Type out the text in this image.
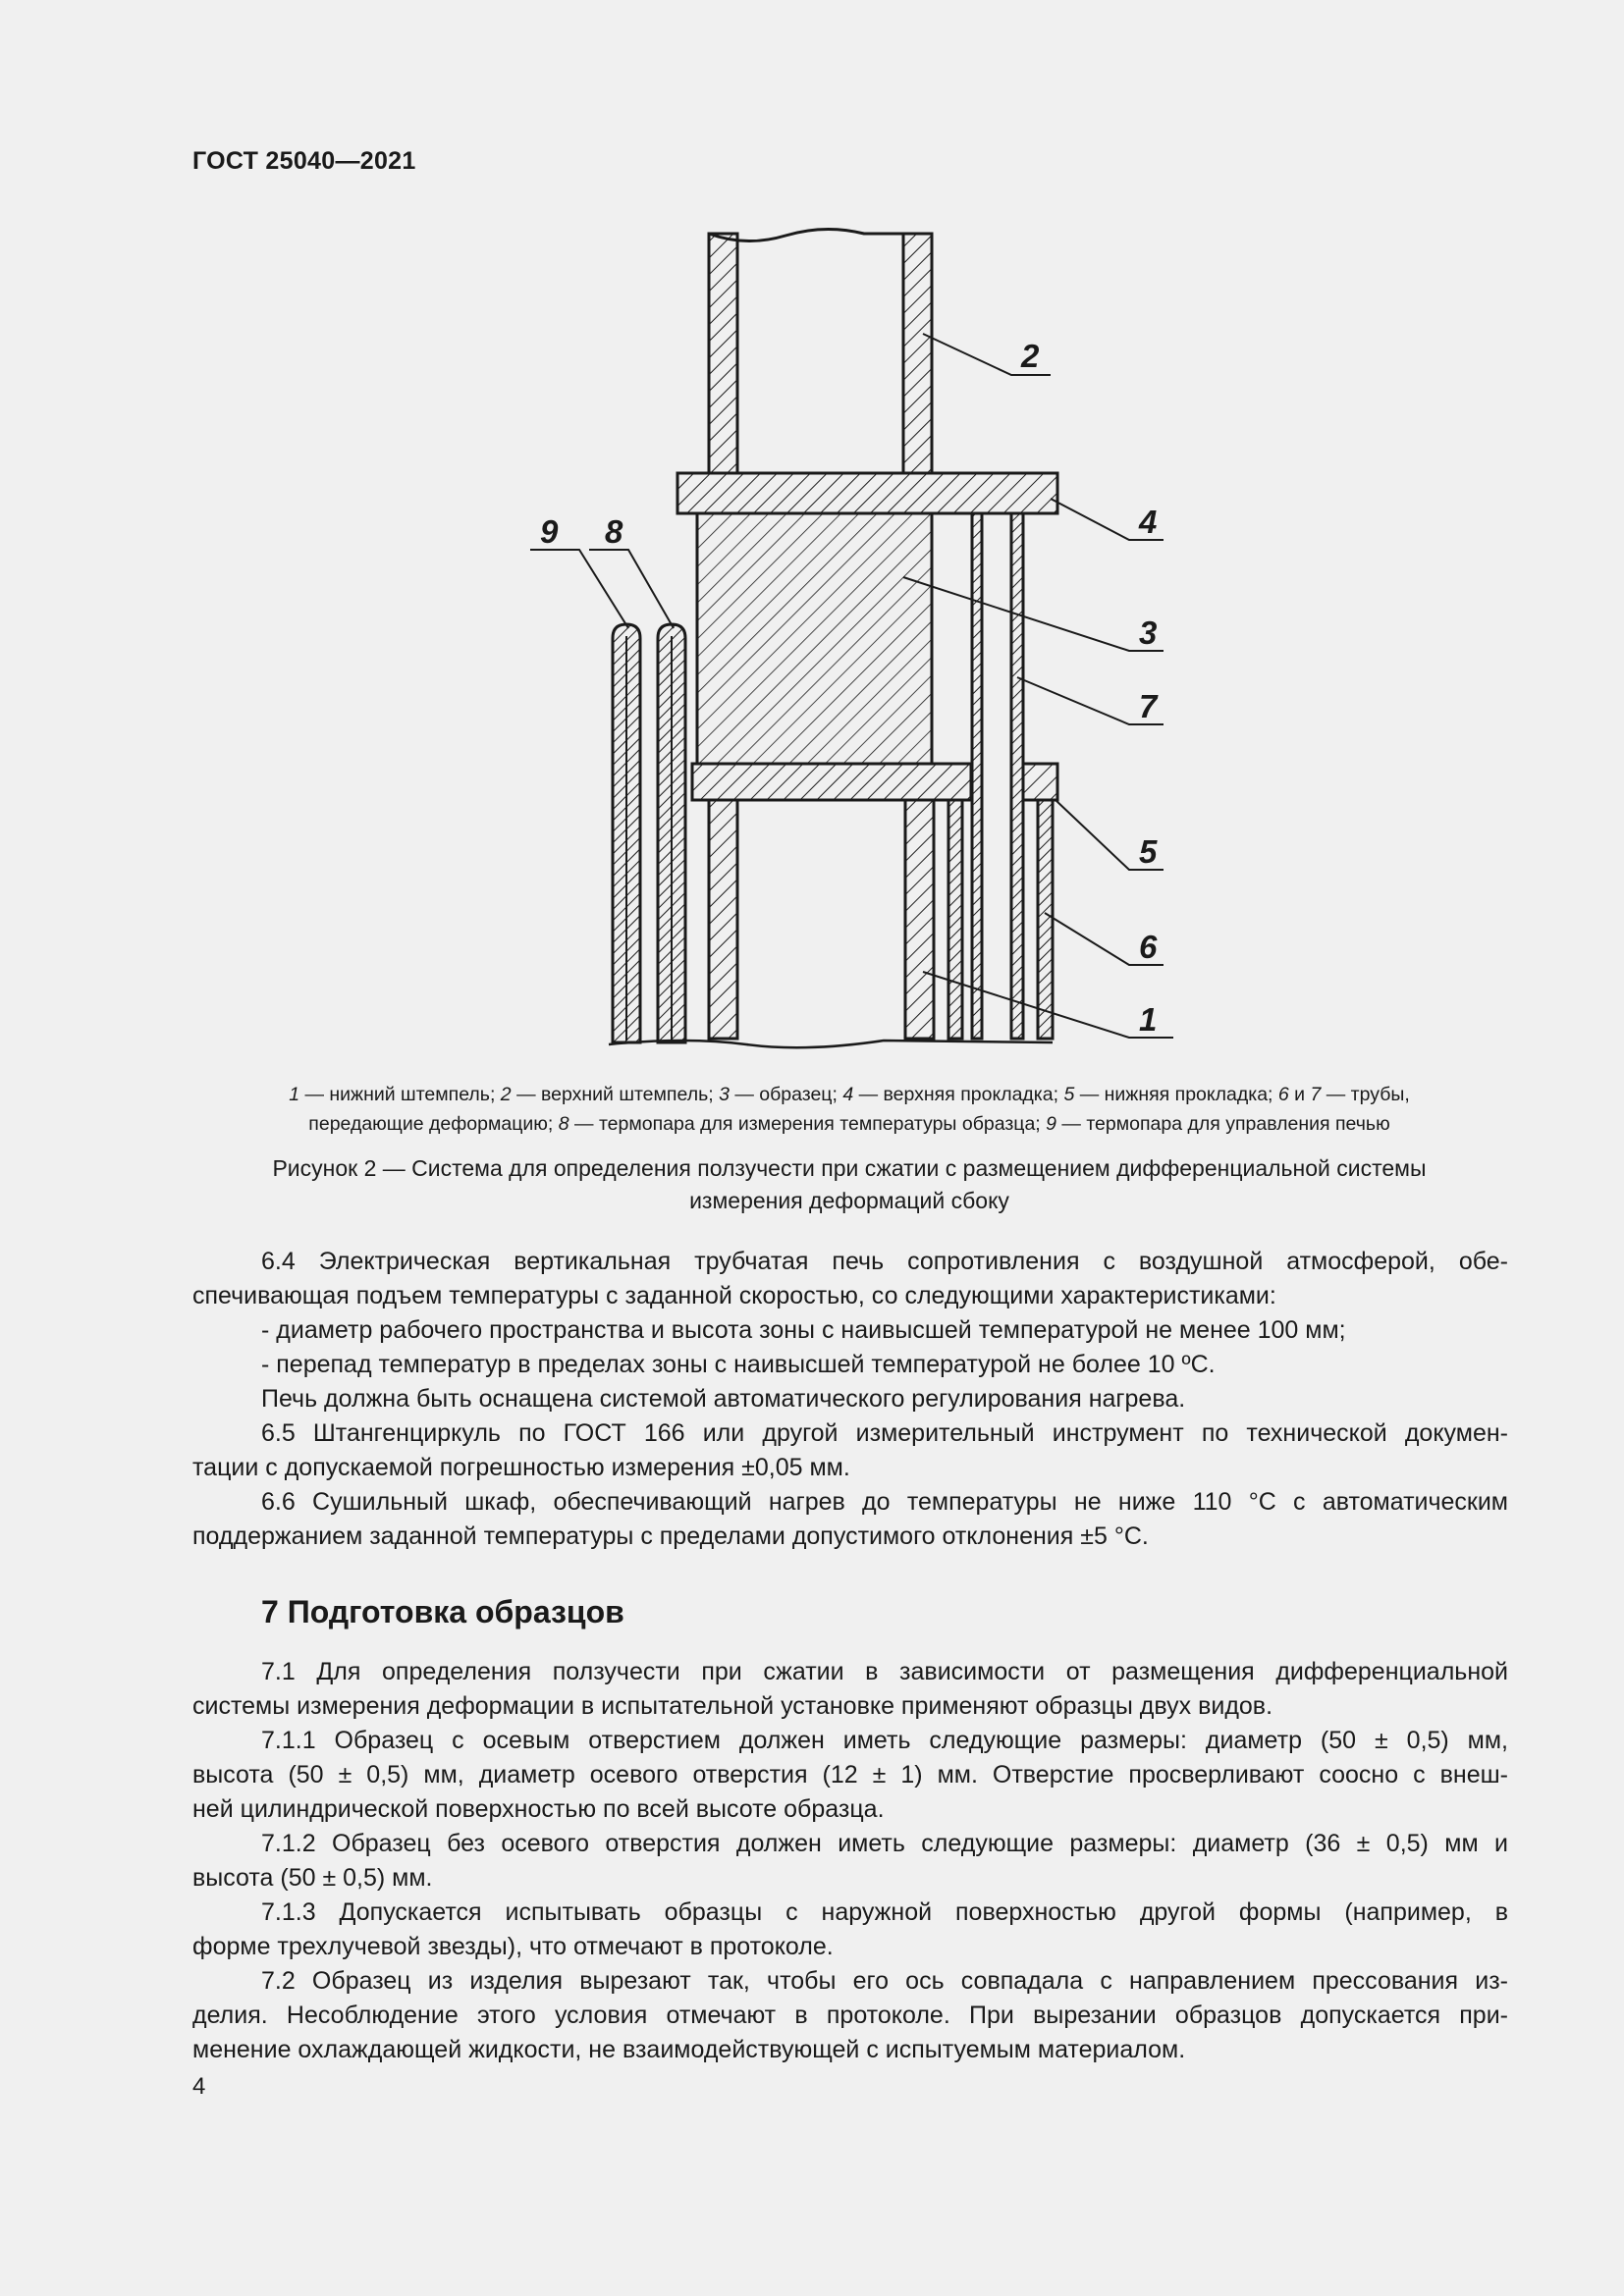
ГОСТ 25040—2021
2
4
9 8
3
7
5
6
1
1 — нижний штемпель; 2 — верхний штемпель; 3 — образец; 4 — верхняя прокладка; 5 — нижняя прокладка; 6 и 7 — трубы,
передающие деформацию; 8 — термопара для измерения температуры образца; 9 — термопара для управления печью
Рисунок 2 — Система для определения ползучести при сжатии с размещением дифференциальной системы
измерения деформаций сбоку

6.4 Электрическая вертикальная трубчатая печь сопротивления с воздушной атмосферой, обе-

спечивающая подъем температуры с заданной скоростью, со следующими характеристиками:

- диаметр рабочего пространства и высота зоны с наивысшей температурой не менее 100 мм;

- перепад температур в пределах зоны с наивысшей температурой не более 10 ºС.

Печь должна быть оснащена системой автоматического регулирования нагрева.

6.5 Штангенциркуль по ГОСТ 166 или другой измерительный инструмент по технической докумен-

тации с допускаемой погрешностью измерения ±0,05 мм.

6.6 Сушильный шкаф, обеспечивающий нагрев до температуры не ниже 110 °С с автоматическим

поддержанием заданной температуры с пределами допустимого отклонения ±5 °С.

7 Подготовка образцов

7.1 Для определения ползучести при сжатии в зависимости от размещения дифференциальной

системы измерения деформации в испытательной установке применяют образцы двух видов.

7.1.1 Образец с осевым отверстием должен иметь следующие размеры: диаметр (50 ± 0,5) мм,

высота (50 ± 0,5) мм, диаметр осевого отверстия (12 ± 1) мм. Отверстие просверливают соосно с внеш-

ней цилиндрической поверхностью по всей высоте образца.

7.1.2 Образец без осевого отверстия должен иметь следующие размеры: диаметр (36 ± 0,5) мм и

высота (50 ± 0,5) мм.

7.1.3 Допускается испытывать образцы с наружной поверхностью другой формы (например, в

форме трехлучевой звезды), что отмечают в протоколе.

7.2 Образец из изделия вырезают так, чтобы его ось совпадала с направлением прессования из-

делия. Несоблюдение этого условия отмечают в протоколе. При вырезании образцов допускается при-

менение охлаждающей жидкости, не взаимодействующей с испытуемым материалом.

4
